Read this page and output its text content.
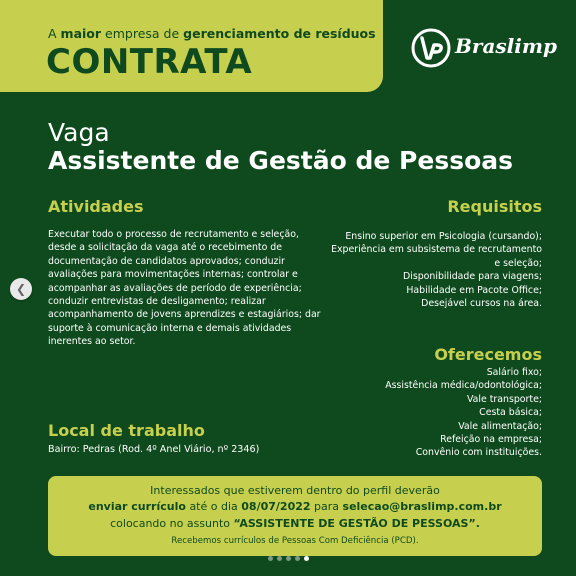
A maior empresa de gerenciamento de resíduos
CONTRATA	Braslimp
Vaga
Assistente de Gestão de Pessoas
Atividades
Executar todo o processo de recrutamento e seleção, desde a solicitação da vaga até o recebimento de documentação de candidatos aprovados; conduzir avaliações para movimentações internas; controlar e acompanhar as avaliações de período de experiência; conduzir entrevistas de desligamento; realizar acompanhamento de jovens aprendizes e estagiários; dar suporte à comunicação interna e demais atividades inerentes ao setor.
Requisitos
Ensino superior em Psicologia (cursando);
Experiência em subsistema de recrutamento
e seleção;
Disponibilidade para viagens;
Habilidade em Pacote Office;
Desejável cursos na área.
Oferecemos
Salário fixo;
Assistência médica/odontológica;
Vale transporte;
Cesta básica;
Vale alimentação;
Refeição na empresa;
Convênio com instituições.
Local de trabalho
Bairro: Pedras (Rod. 4º Anel Viário, nº 2346)
Interessados que estiverem dentro do perfil deverão
enviar currículo até o dia 08/07/2022 para selecao@braslimp.com.br
colocando no assunto “ASSISTENTE DE GESTÃO DE PESSOAS”.
Recebemos currículos de Pessoas Com Deficiência (PCD).
❮
